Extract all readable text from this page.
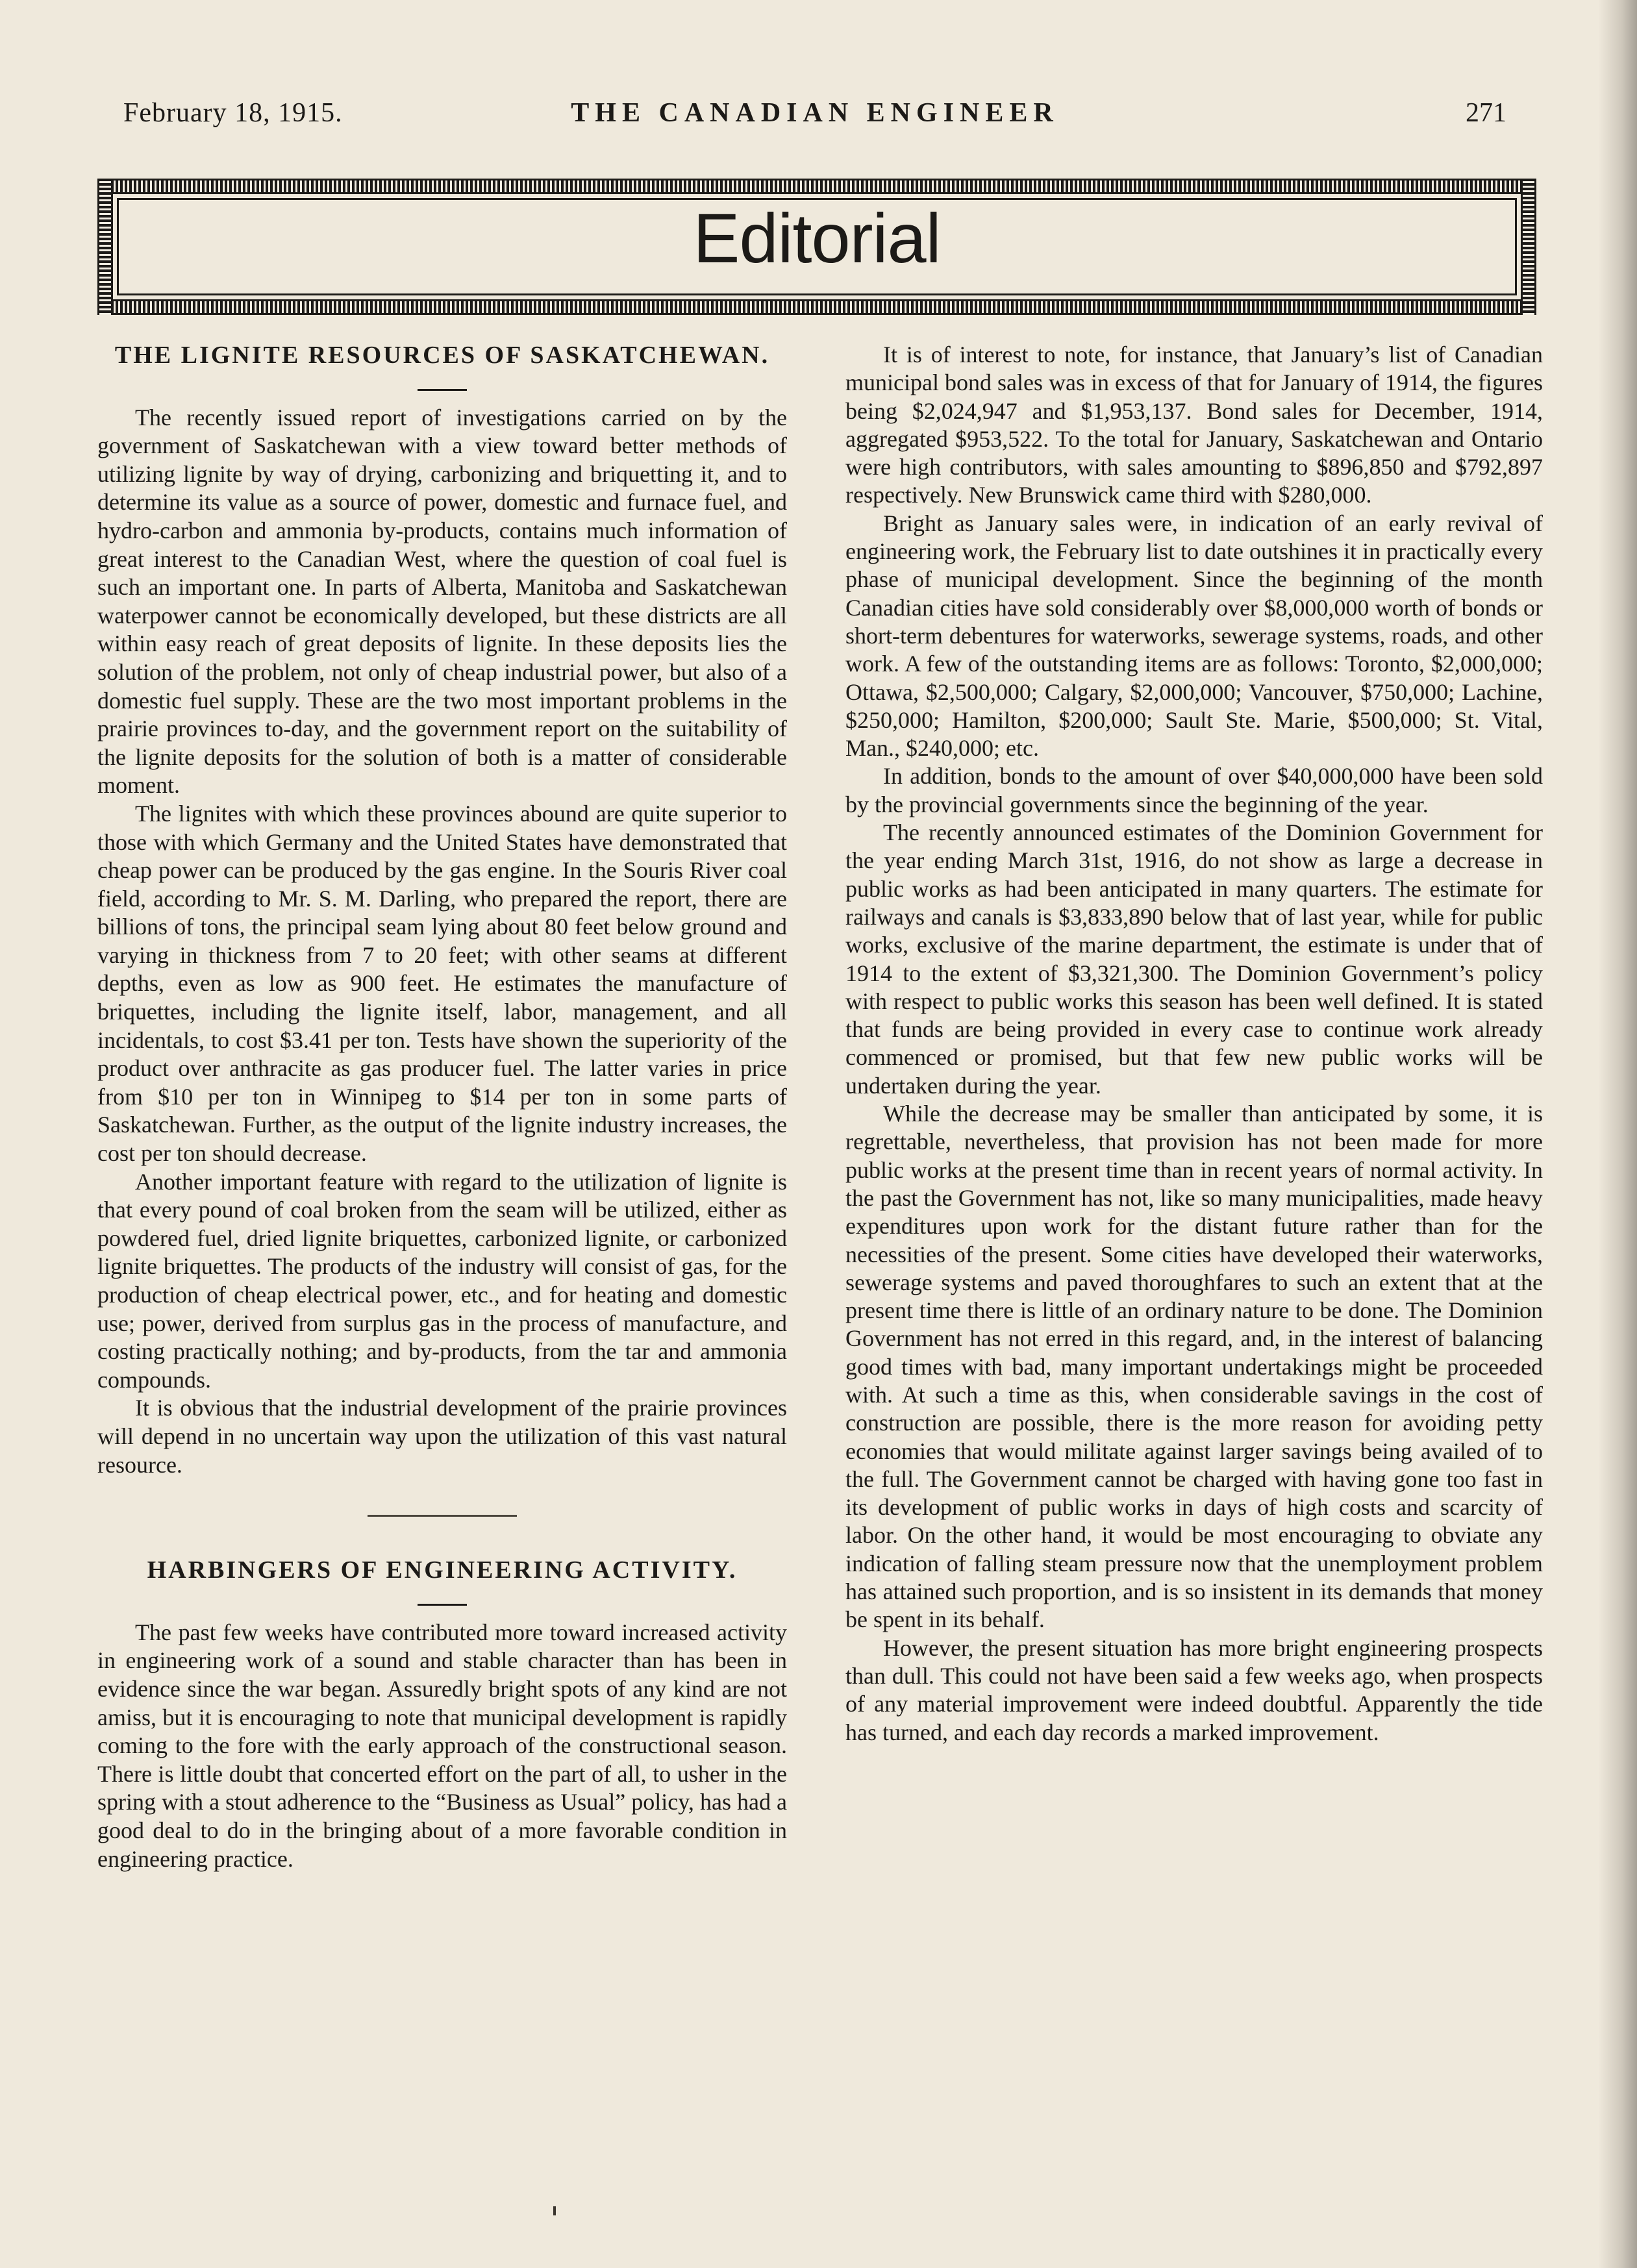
February 18, 1915.	THE CANADIAN ENGINEER	271
Editorial
THE LIGNITE RESOURCES OF SASKATCHEWAN.

The recently issued report of investigations carried on by the government of Saskatchewan with a view toward better methods of utilizing lignite by way of drying, carbonizing and briquetting it, and to determine its value as a source of power, domestic and furnace fuel, and hydro-carbon and ammonia by-products, contains much information of great interest to the Canadian West, where the question of coal fuel is such an important one. In parts of Alberta, Manitoba and Saskatchewan waterpower cannot be economically developed, but these districts are all within easy reach of great deposits of lignite. In these deposits lies the solution of the problem, not only of cheap industrial power, but also of a domestic fuel supply. These are the two most important problems in the prairie provinces to-day, and the government report on the suitability of the lignite deposits for the solution of both is a matter of considerable moment.

The lignites with which these provinces abound are quite superior to those with which Germany and the United States have demonstrated that cheap power can be produced by the gas engine. In the Souris River coal field, according to Mr. S. M. Darling, who prepared the report, there are billions of tons, the principal seam lying about 80 feet below ground and varying in thickness from 7 to 20 feet; with other seams at different depths, even as low as 900 feet. He estimates the manufacture of briquettes, including the lignite itself, labor, management, and all incidentals, to cost $3.41 per ton. Tests have shown the superiority of the product over anthracite as gas producer fuel. The latter varies in price from $10 per ton in Winnipeg to $14 per ton in some parts of Saskatchewan. Further, as the output of the lignite industry increases, the cost per ton should decrease.

Another important feature with regard to the utilization of lignite is that every pound of coal broken from the seam will be utilized, either as powdered fuel, dried lignite briquettes, carbonized lignite, or carbonized lignite briquettes. The products of the industry will consist of gas, for the production of cheap electrical power, etc., and for heating and domestic use; power, derived from surplus gas in the process of manufacture, and costing practically nothing; and by-products, from the tar and ammonia compounds.

It is obvious that the industrial development of the prairie provinces will depend in no uncertain way upon the utilization of this vast natural resource.

HARBINGERS OF ENGINEERING ACTIVITY.

The past few weeks have contributed more toward increased activity in engineering work of a sound and stable character than has been in evidence since the war began. Assuredly bright spots of any kind are not amiss, but it is encouraging to note that municipal development is rapidly coming to the fore with the early approach of the constructional season. There is little doubt that concerted effort on the part of all, to usher in the spring with a stout adherence to the “Business as Usual” policy, has had a good deal to do in the bringing about of a more favorable condition in engineering practice.

It is of interest to note, for instance, that January’s list of Canadian municipal bond sales was in excess of that for January of 1914, the figures being $2,024,947 and $1,953,137. Bond sales for December, 1914, aggregated $953,522. To the total for January, Saskatchewan and Ontario were high contributors, with sales amounting to $896,850 and $792,897 respectively. New Brunswick came third with $280,000.

Bright as January sales were, in indication of an early revival of engineering work, the February list to date outshines it in practically every phase of municipal development. Since the beginning of the month Canadian cities have sold considerably over $8,000,000 worth of bonds or short-term debentures for waterworks, sewerage systems, roads, and other work. A few of the outstanding items are as follows: Toronto, $2,000,000; Ottawa, $2,500,000; Calgary, $2,000,000; Vancouver, $750,000; Lachine, $250,000; Hamilton, $200,000; Sault Ste. Marie, $500,000; St. Vital, Man., $240,000; etc.

In addition, bonds to the amount of over $40,000,000 have been sold by the provincial governments since the beginning of the year.

The recently announced estimates of the Dominion Government for the year ending March 31st, 1916, do not show as large a decrease in public works as had been anticipated in many quarters. The estimate for railways and canals is $3,833,890 below that of last year, while for public works, exclusive of the marine department, the estimate is under that of 1914 to the extent of $3,321,300. The Dominion Government’s policy with respect to public works this season has been well defined. It is stated that funds are being provided in every case to continue work already commenced or promised, but that few new public works will be undertaken during the year.

While the decrease may be smaller than anticipated by some, it is regrettable, nevertheless, that provision has not been made for more public works at the present time than in recent years of normal activity. In the past the Government has not, like so many municipalities, made heavy expenditures upon work for the distant future rather than for the necessities of the present. Some cities have developed their waterworks, sewerage systems and paved thoroughfares to such an extent that at the present time there is little of an ordinary nature to be done. The Dominion Government has not erred in this regard, and, in the interest of balancing good times with bad, many important undertakings might be proceeded with. At such a time as this, when considerable savings in the cost of construction are possible, there is the more reason for avoiding petty economies that would militate against larger savings being availed of to the full. The Government cannot be charged with having gone too fast in its development of public works in days of high costs and scarcity of labor. On the other hand, it would be most encouraging to obviate any indication of falling steam pressure now that the unemployment problem has attained such proportion, and is so insistent in its demands that money be spent in its behalf.

However, the present situation has more bright engineering prospects than dull. This could not have been said a few weeks ago, when prospects of any material improvement were indeed doubtful. Apparently the tide has turned, and each day records a marked improvement.
